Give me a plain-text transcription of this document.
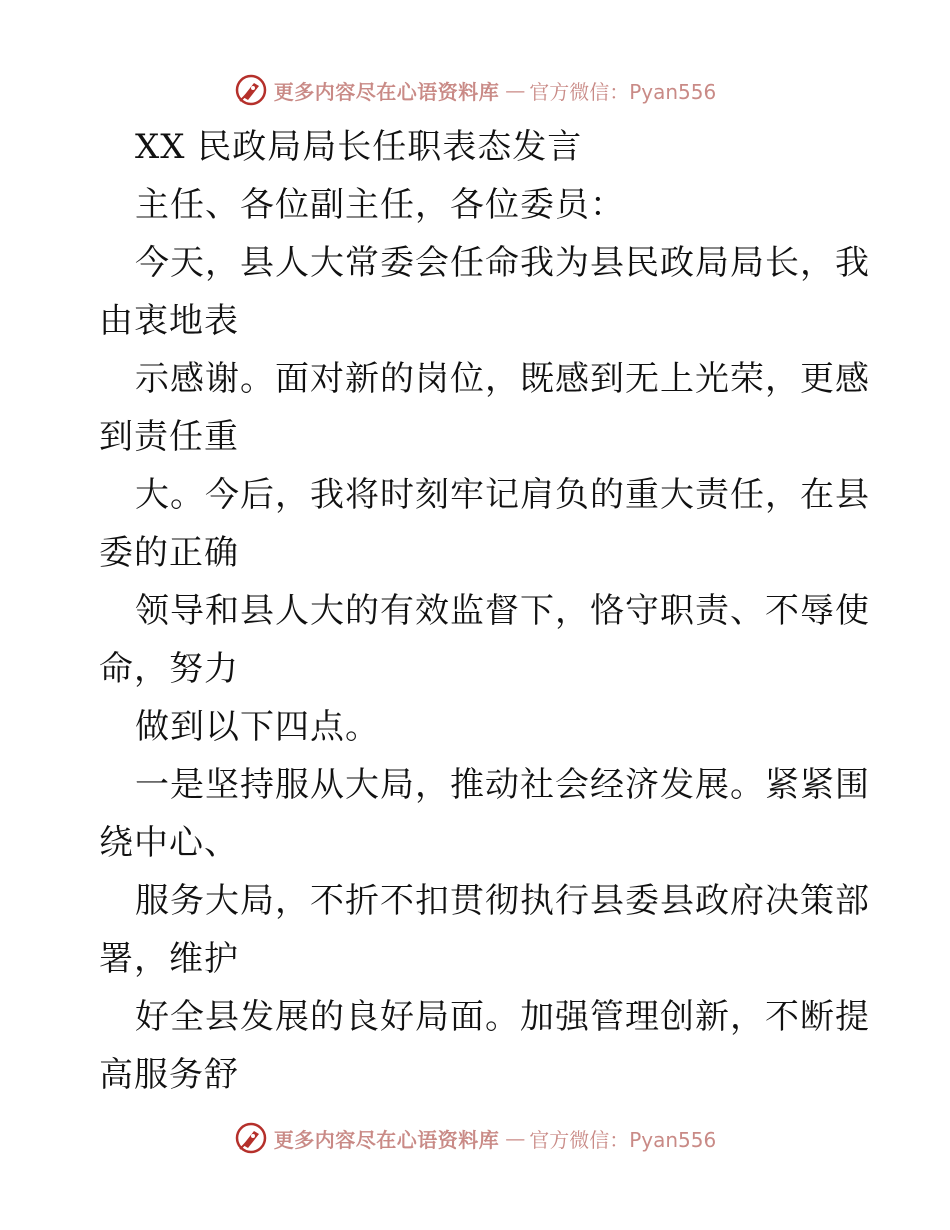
更多内容尽在心语资料库 — 官方微信：Pyan556
XX 民政局局长任职表态发言
主任、各位副主任，各位委员：
今天，县人大常委会任命我为县民政局局长，我
由衷地表
示感谢。面对新的岗位，既感到无上光荣，更感
到责任重
大。今后，我将时刻牢记肩负的重大责任，在县
委的正确
领导和县人大的有效监督下，恪守职责、不辱使
命，努力
做到以下四点。
一是坚持服从大局，推动社会经济发展。紧紧围
绕中心、
服务大局，不折不扣贯彻执行县委县政府决策部
署，维护
好全县发展的良好局面。加强管理创新，不断提
高服务舒
更多内容尽在心语资料库 — 官方微信：Pyan556
